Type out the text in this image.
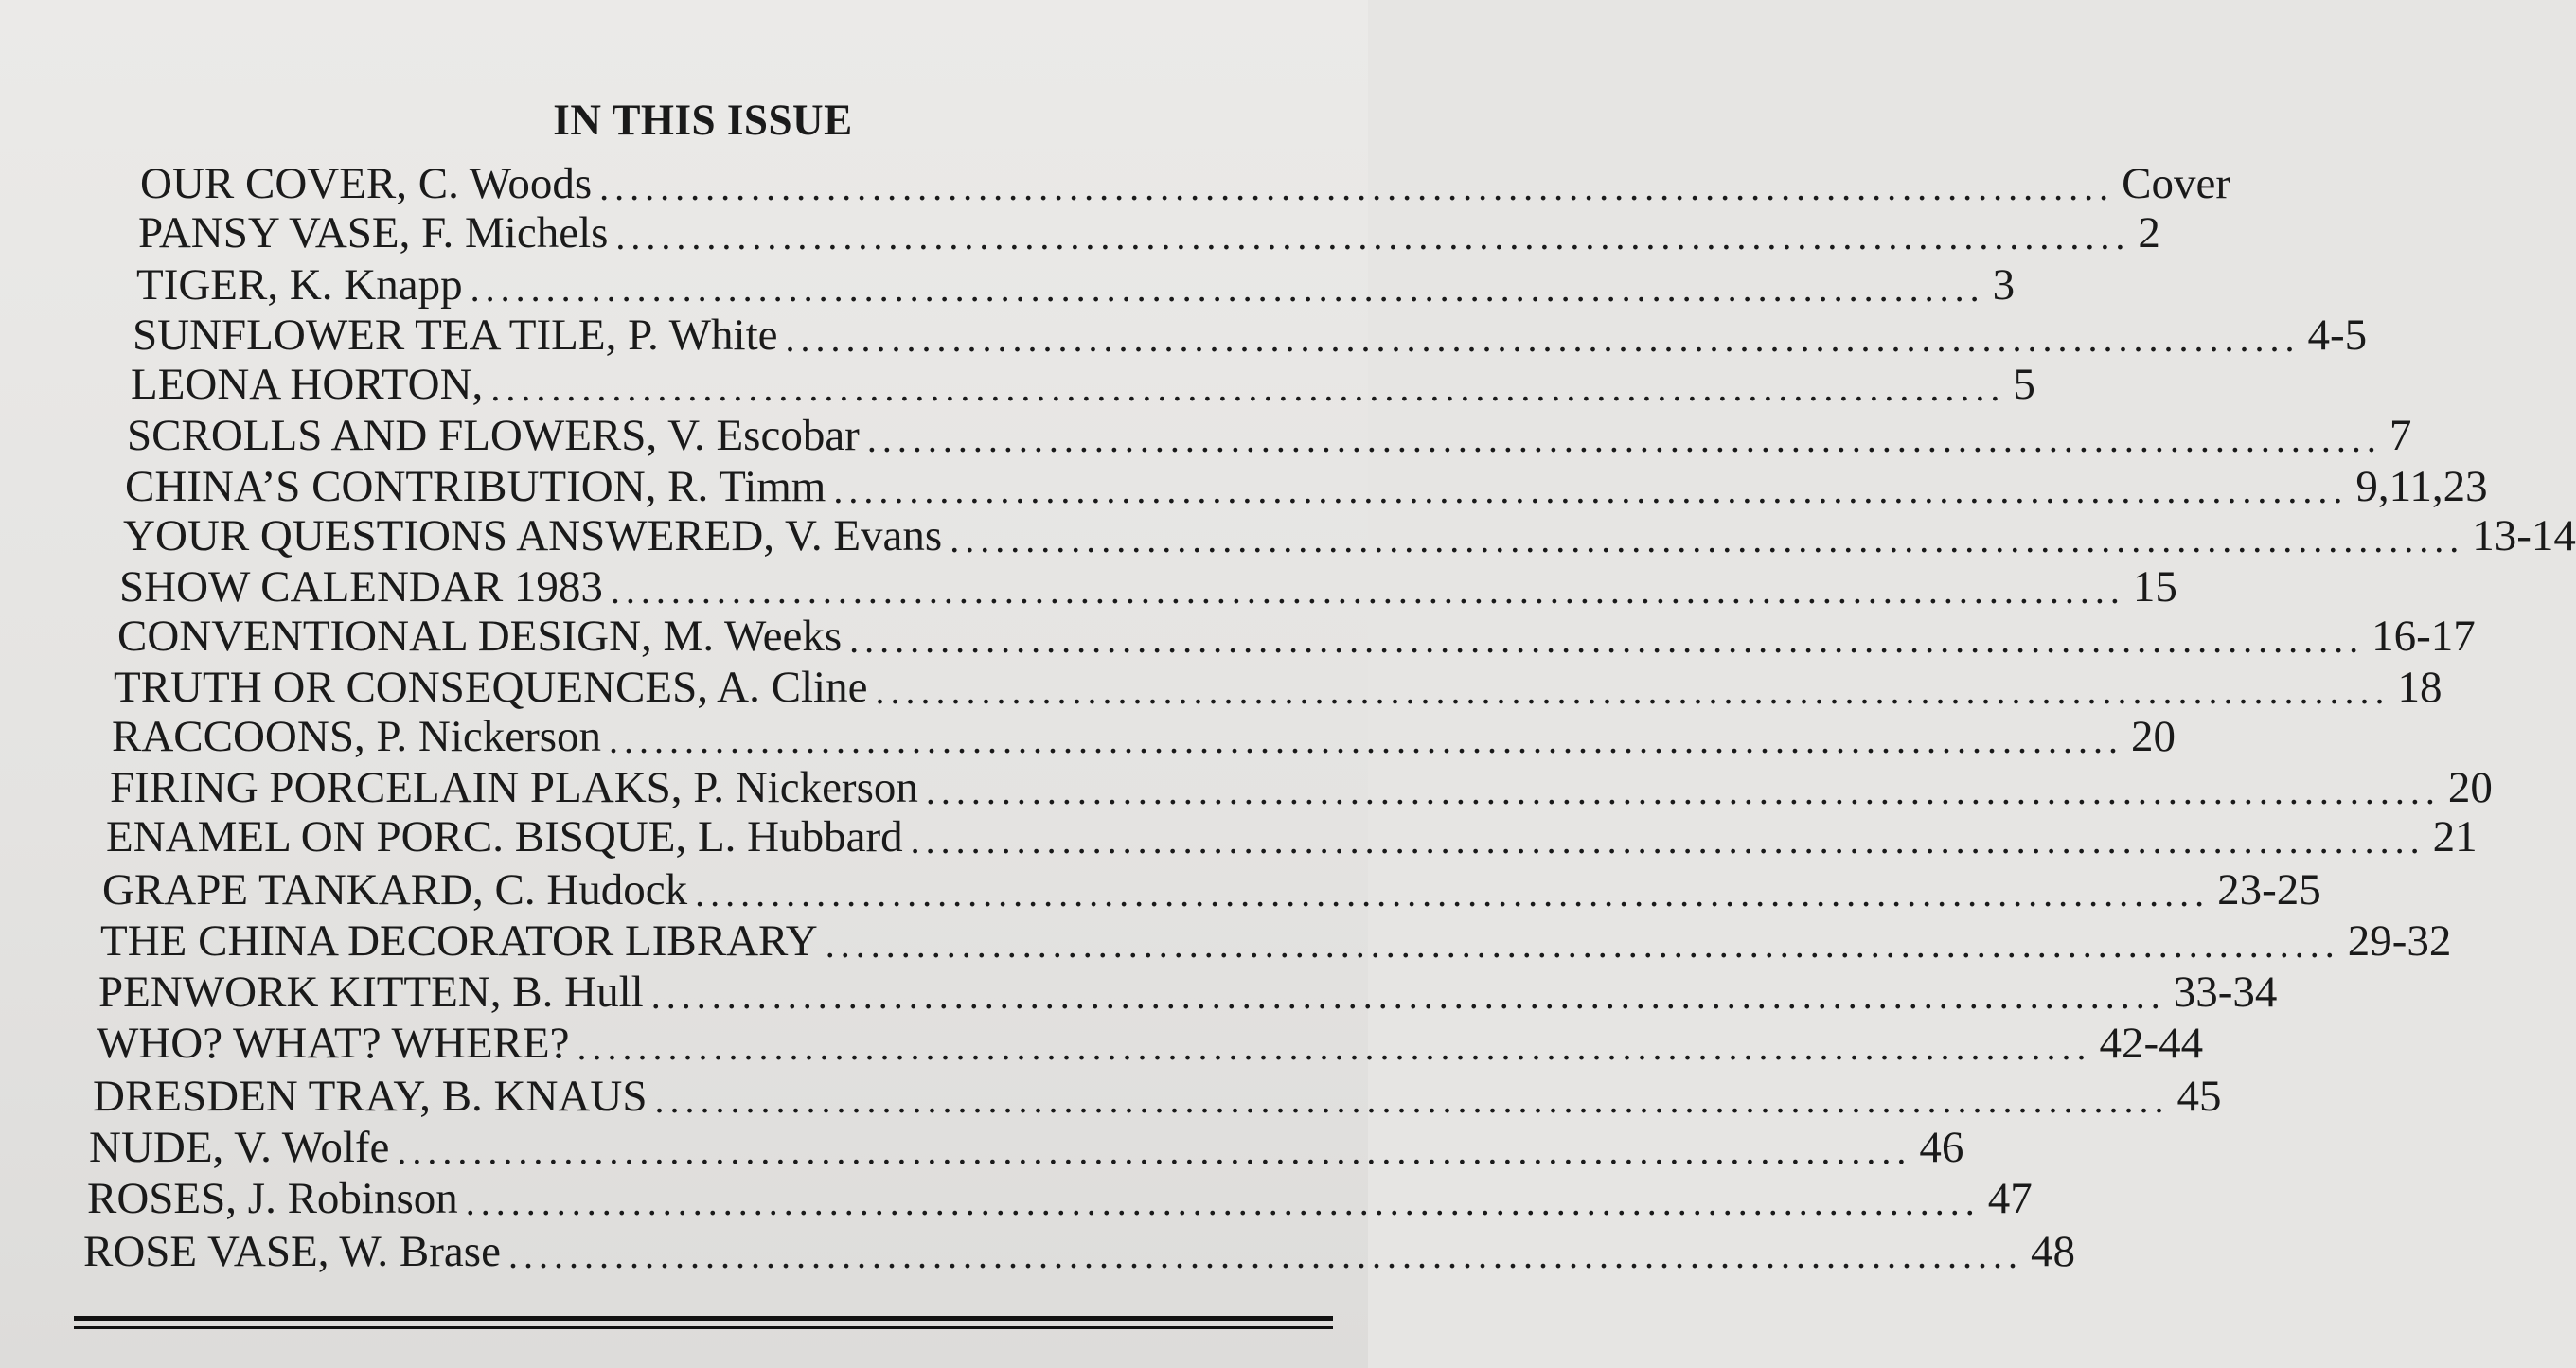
IN THIS ISSUE
OUR COVER, C. Woods .................................................................................................... Cover
PANSY VASE, F. Michels .................................................................................................... 2
TIGER, K. Knapp .................................................................................................... 3
SUNFLOWER TEA TILE, P. White .................................................................................................... 4-5
LEONA HORTON, .................................................................................................... 5
SCROLLS AND FLOWERS, V. Escobar .................................................................................................... 7
CHINA’S CONTRIBUTION, R. Timm .................................................................................................... 9,11,23
YOUR QUESTIONS ANSWERED, V. Evans .................................................................................................... 13-14
SHOW CALENDAR 1983 .................................................................................................... 15
CONVENTIONAL DESIGN, M. Weeks .................................................................................................... 16-17
TRUTH OR CONSEQUENCES, A. Cline .................................................................................................... 18
RACCOONS, P. Nickerson .................................................................................................... 20
FIRING PORCELAIN PLAKS, P. Nickerson .................................................................................................... 20
ENAMEL ON PORC. BISQUE, L. Hubbard .................................................................................................... 21
GRAPE TANKARD, C. Hudock .................................................................................................... 23-25
THE CHINA DECORATOR LIBRARY .................................................................................................... 29-32
PENWORK KITTEN, B. Hull .................................................................................................... 33-34
WHO? WHAT? WHERE? .................................................................................................... 42-44
DRESDEN TRAY, B. KNAUS .................................................................................................... 45
NUDE, V. Wolfe .................................................................................................... 46
ROSES, J. Robinson .................................................................................................... 47
ROSE VASE, W. Brase .................................................................................................... 48
